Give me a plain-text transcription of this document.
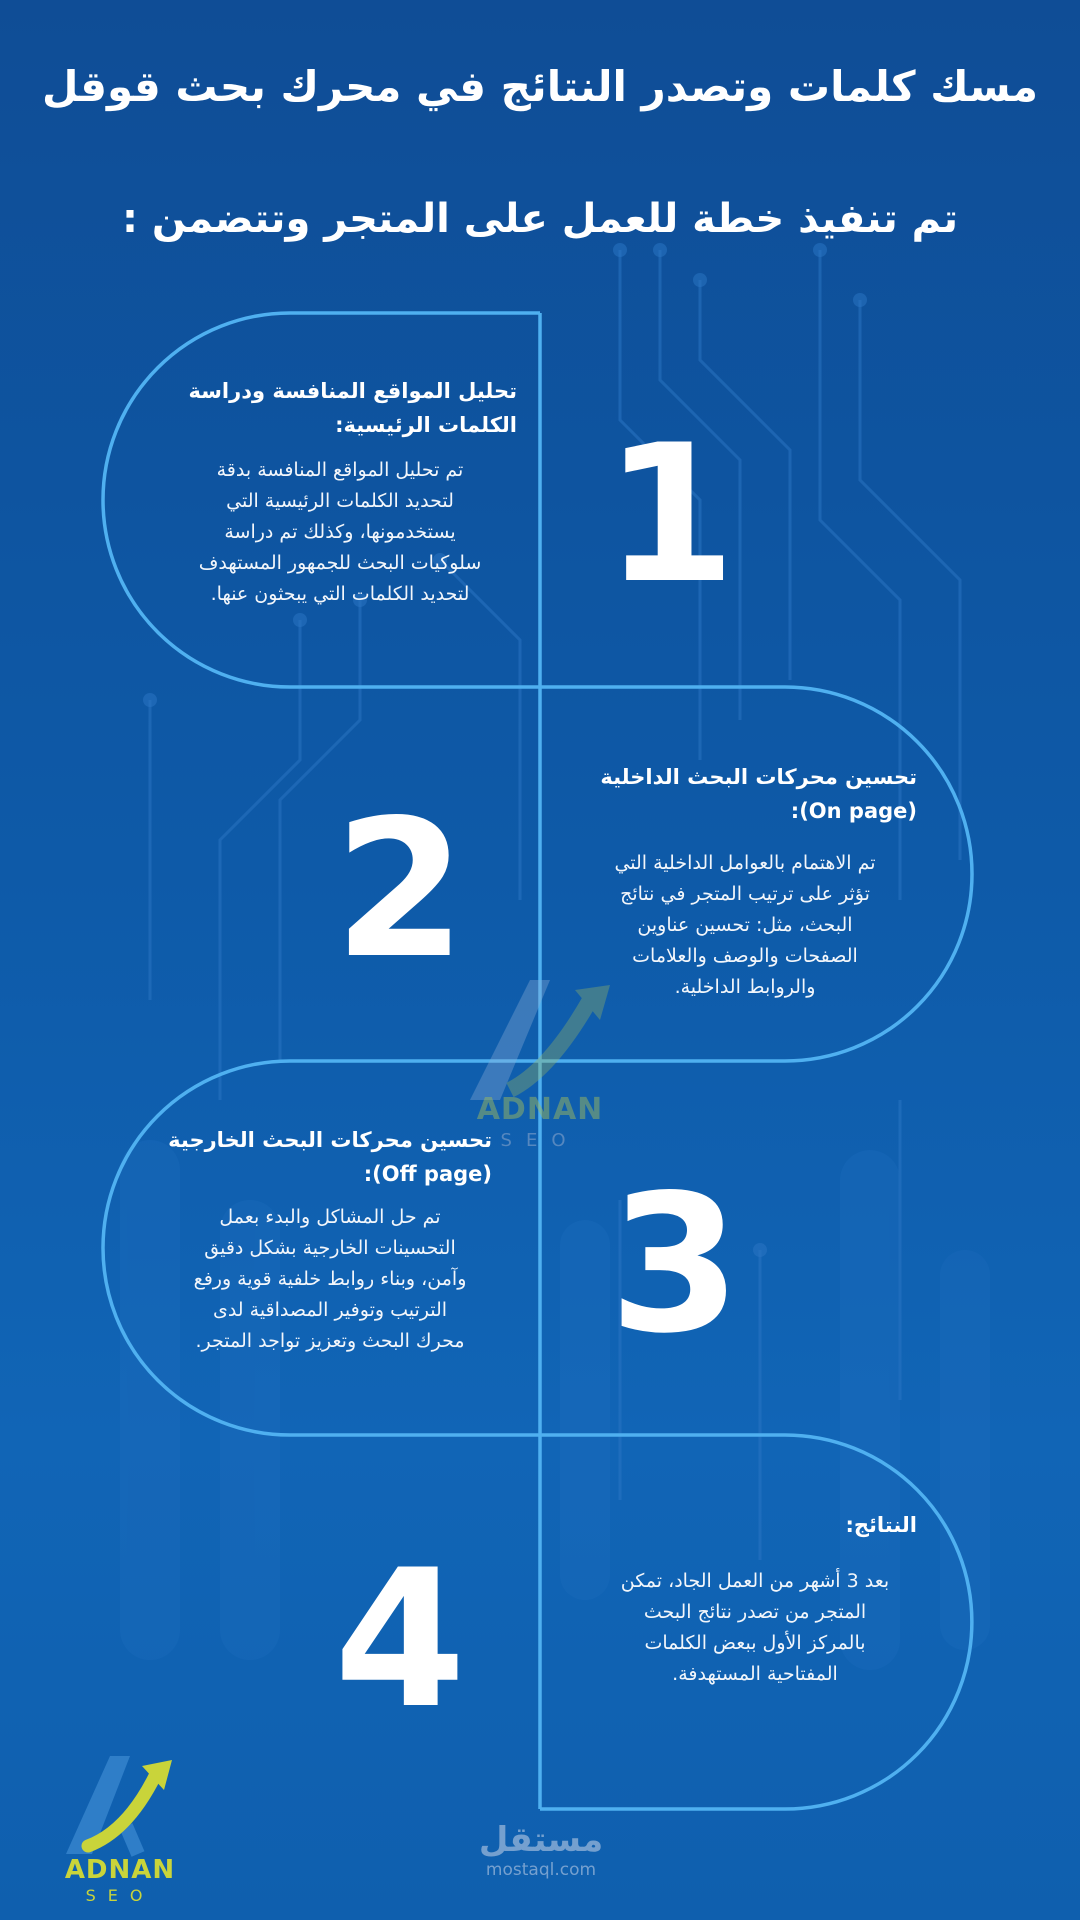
مسك كلمات وتصدر النتائج في محرك بحث قوقل
تم تنفيذ خطة للعمل على المتجر وتتضمن :
ADNAN
SEO
1

تحليل المواقع المنافسة ودراسة
الكلمات الرئيسية:

تم تحليل المواقع المنافسة بدقة
لتحديد الكلمات الرئيسية التي
يستخدمونها، وكذلك تم دراسة
سلوكيات البحث للجمهور المستهدف
لتحديد الكلمات التي يبحثون عنها.

2

تحسين محركات البحث الداخلية
(On page):

تم الاهتمام بالعوامل الداخلية التي
تؤثر على ترتيب المتجر في نتائج
البحث، مثل: تحسين عناوين
الصفحات والوصف والعلامات
والروابط الداخلية.

3

تحسين محركات البحث الخارجية
(Off page):

تم حل المشاكل والبدء بعمل
التحسينات الخارجية بشكل دقيق
وآمن، وبناء روابط خلفية قوية ورفع
الترتيب وتوفير المصداقية لدى
محرك البحث وتعزيز تواجد المتجر.

4

النتائج:

بعد 3 أشهر من العمل الجاد، تمكن
المتجر من تصدر نتائج البحث
بالمركز الأول ببعض الكلمات
المفتاحية المستهدفة.

ADNAN
SEO
مستقل
mostaql.com
